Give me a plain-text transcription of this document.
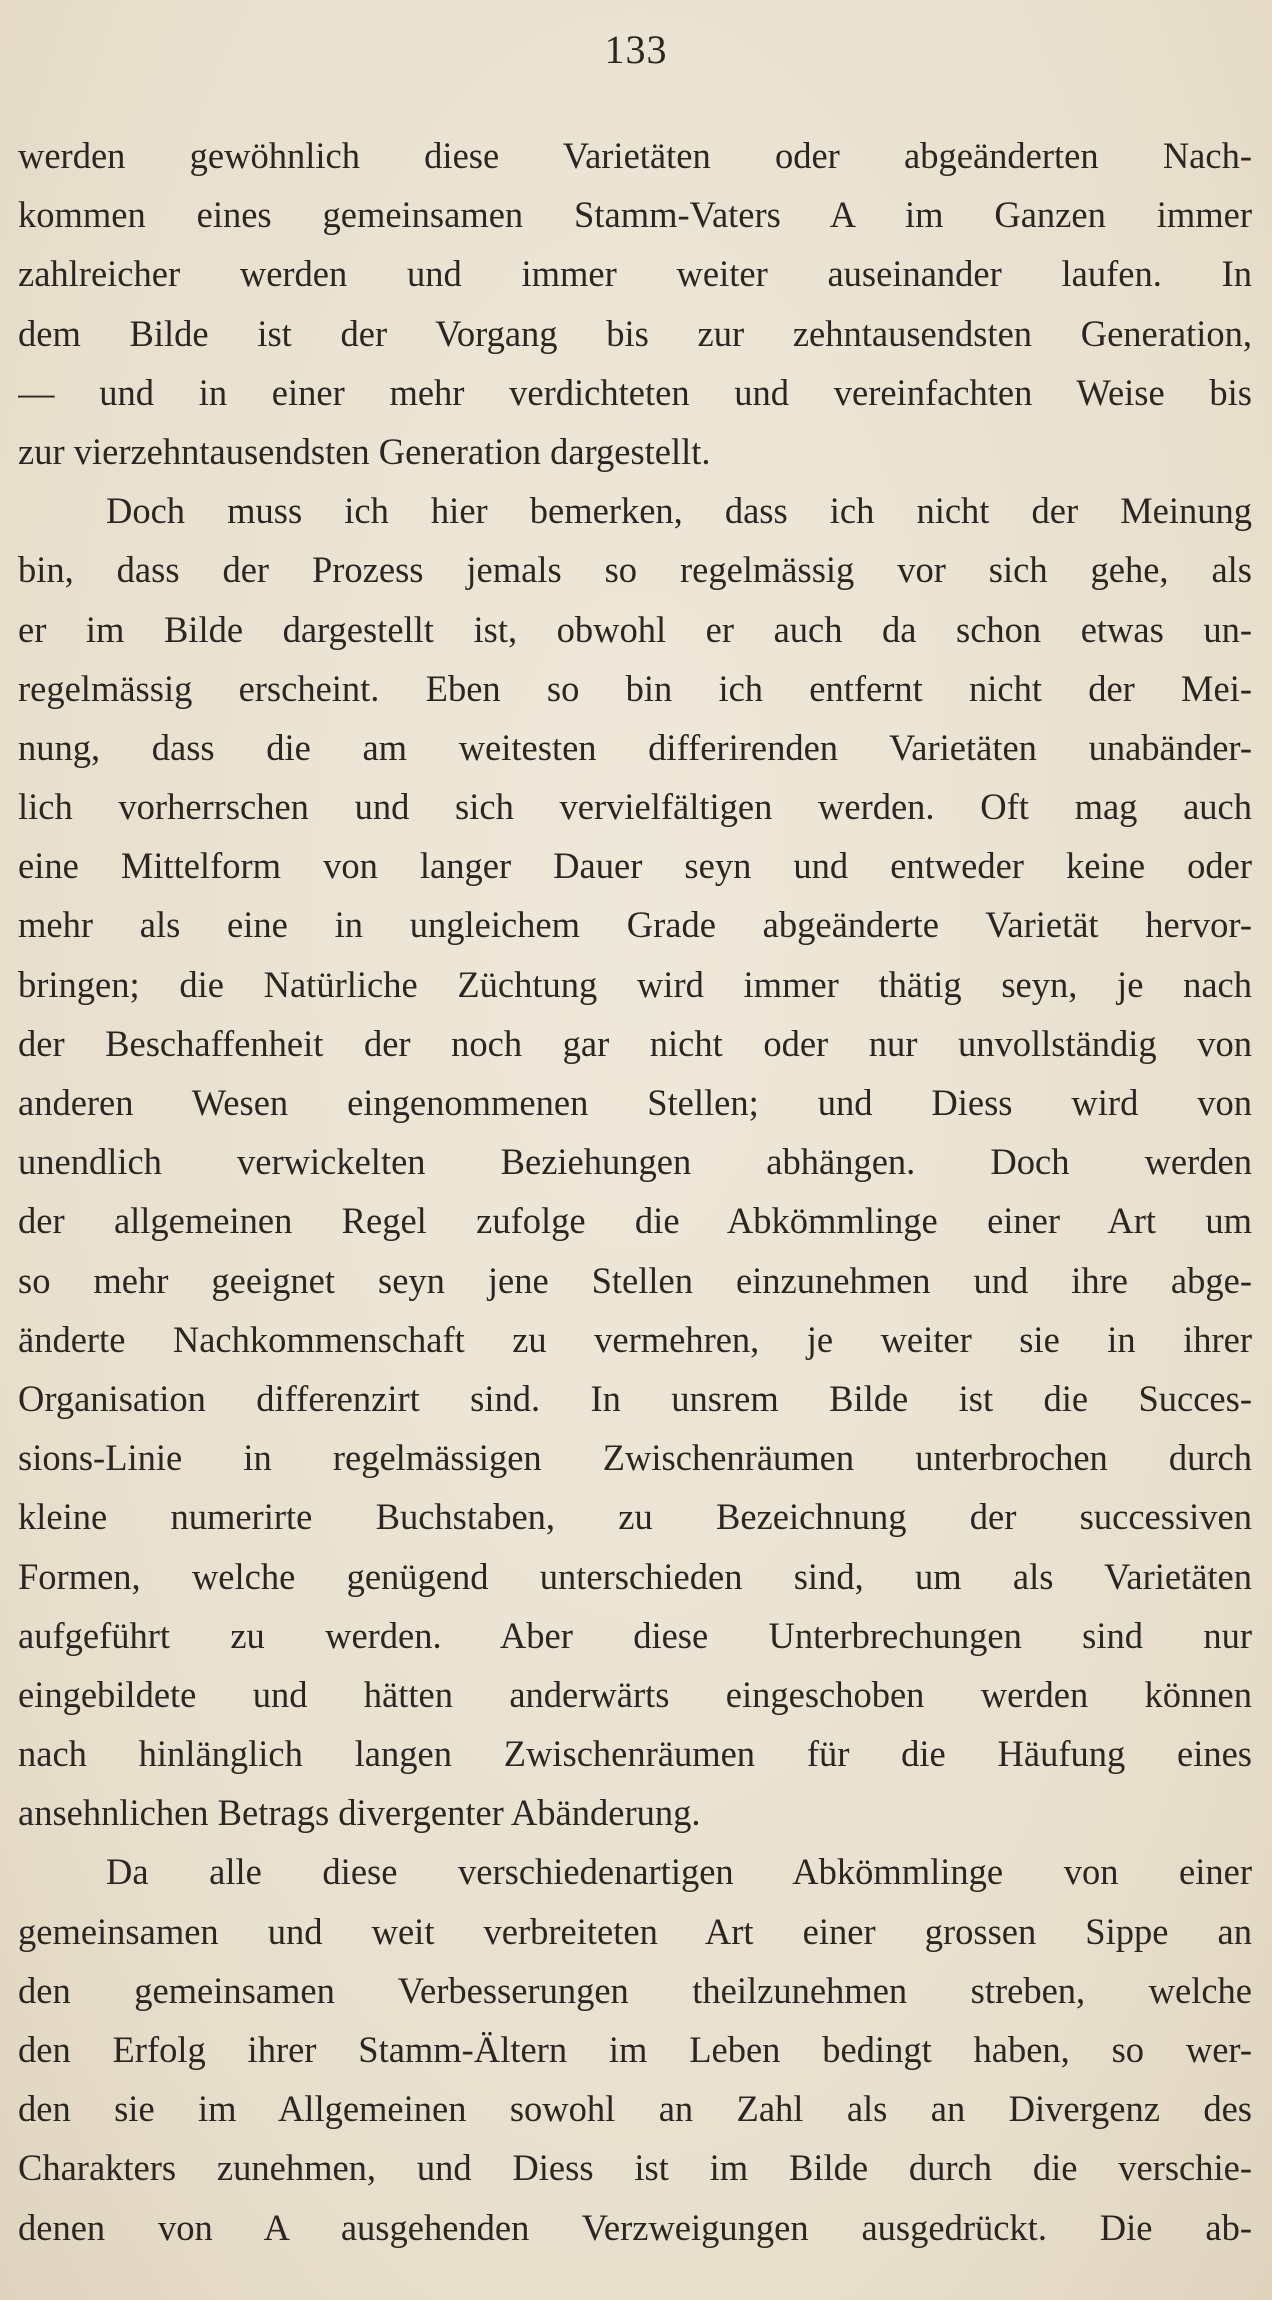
133
werden gewöhnlich diese Varietäten oder abgeänderten Nach-
kommen eines gemeinsamen Stamm-Vaters A im Ganzen immer
zahlreicher werden und immer weiter auseinander laufen. In
dem Bilde ist der Vorgang bis zur zehntausendsten Generation,
— und in einer mehr verdichteten und vereinfachten Weise bis
zur vierzehntausendsten Generation dargestellt.
Doch muss ich hier bemerken, dass ich nicht der Meinung
bin, dass der Prozess jemals so regelmässig vor sich gehe, als
er im Bilde dargestellt ist, obwohl er auch da schon etwas un-
regelmässig erscheint. Eben so bin ich entfernt nicht der Mei-
nung, dass die am weitesten differirenden Varietäten unabänder-
lich vorherrschen und sich vervielfältigen werden. Oft mag auch
eine Mittelform von langer Dauer seyn und entweder keine oder
mehr als eine in ungleichem Grade abgeänderte Varietät hervor-
bringen; die Natürliche Züchtung wird immer thätig seyn, je nach
der Beschaffenheit der noch gar nicht oder nur unvollständig von
anderen Wesen eingenommenen Stellen; und Diess wird von
unendlich verwickelten Beziehungen abhängen. Doch werden
der allgemeinen Regel zufolge die Abkömmlinge einer Art um
so mehr geeignet seyn jene Stellen einzunehmen und ihre abge-
änderte Nachkommenschaft zu vermehren, je weiter sie in ihrer
Organisation differenzirt sind. In unsrem Bilde ist die Succes-
sions-Linie in regelmässigen Zwischenräumen unterbrochen durch
kleine numerirte Buchstaben, zu Bezeichnung der successiven
Formen, welche genügend unterschieden sind, um als Varietäten
aufgeführt zu werden. Aber diese Unterbrechungen sind nur
eingebildete und hätten anderwärts eingeschoben werden können
nach hinlänglich langen Zwischenräumen für die Häufung eines
ansehnlichen Betrags divergenter Abänderung.
Da alle diese verschiedenartigen Abkömmlinge von einer
gemeinsamen und weit verbreiteten Art einer grossen Sippe an
den gemeinsamen Verbesserungen theilzunehmen streben, welche
den Erfolg ihrer Stamm-Ältern im Leben bedingt haben, so wer-
den sie im Allgemeinen sowohl an Zahl als an Divergenz des
Charakters zunehmen, und Diess ist im Bilde durch die verschie-
denen von A ausgehenden Verzweigungen ausgedrückt. Die ab-
